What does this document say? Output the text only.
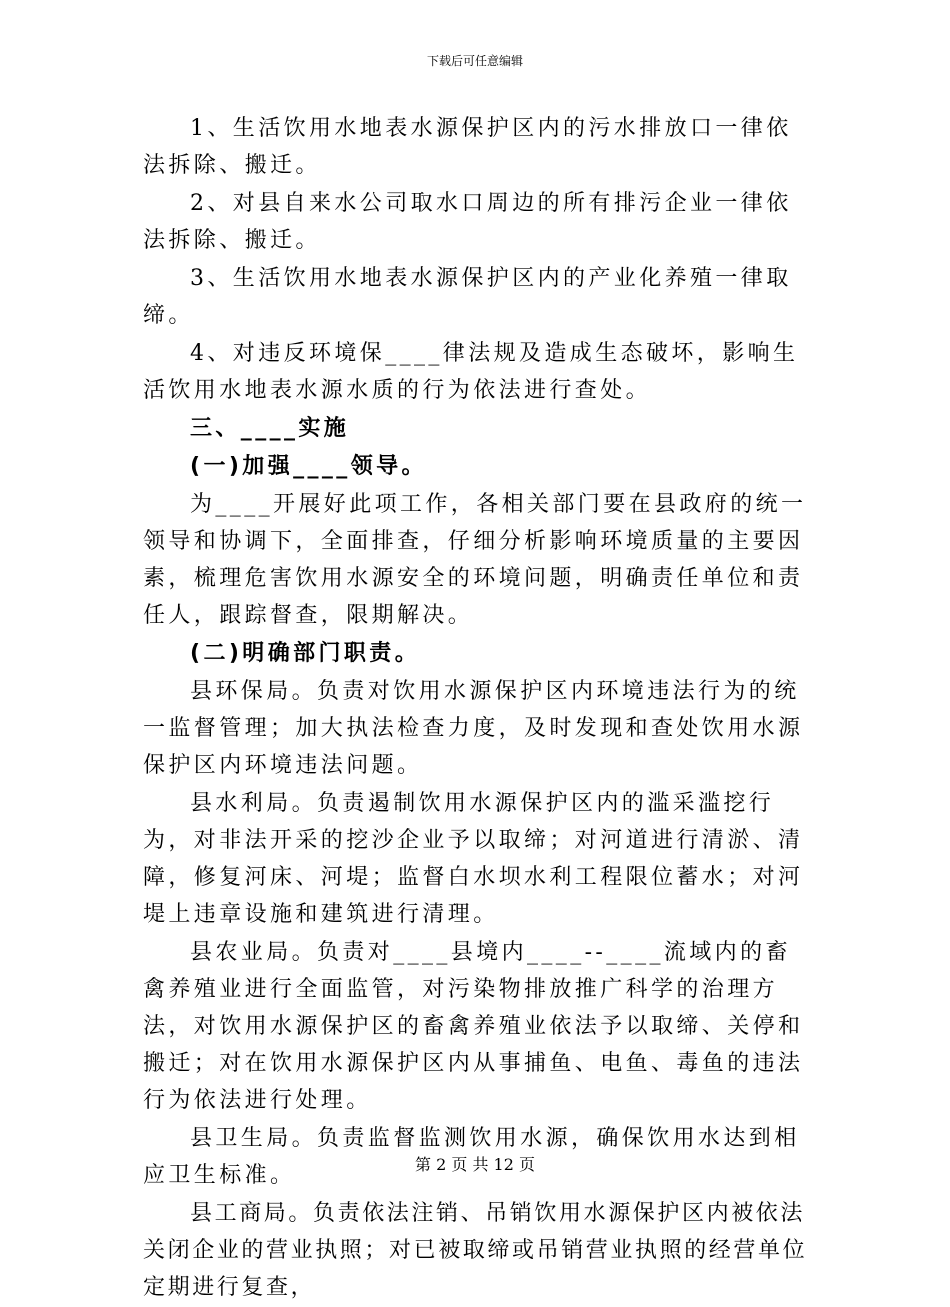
下载后可任意编辑

1、生活饮用水地表水源保护区内的污水排放口一律依法拆除、搬迁。

2、对县自来水公司取水口周边的所有排污企业一律依法拆除、搬迁。

3、生活饮用水地表水源保护区内的产业化养殖一律取缔。

4、对违反环境保____律法规及造成生态破坏，影响生活饮用水地表水源水质的行为依法进行查处。

三、____实施

(一)加强____领导。

为____开展好此项工作，各相关部门要在县政府的统一领导和协调下，全面排查，仔细分析影响环境质量的主要因素，梳理危害饮用水源安全的环境问题，明确责任单位和责任人，跟踪督查，限期解决。

(二)明确部门职责。

县环保局。负责对饮用水源保护区内环境违法行为的统一监督管理；加大执法检查力度，及时发现和查处饮用水源保护区内环境违法问题。

县水利局。负责遏制饮用水源保护区内的滥采滥挖行为，对非法开采的挖沙企业予以取缔；对河道进行清淤、清障，修复河床、河堤；监督白水坝水利工程限位蓄水；对河堤上违章设施和建筑进行清理。

县农业局。负责对____县境内____--____流域内的畜禽养殖业进行全面监管，对污染物排放推广科学的治理方法，对饮用水源保护区的畜禽养殖业依法予以取缔、关停和搬迁；对在饮用水源保护区内从事捕鱼、电鱼、毒鱼的违法行为依法进行处理。

县卫生局。负责监督监测饮用水源，确保饮用水达到相应卫生标准。

县工商局。负责依法注销、吊销饮用水源保护区内被依法关闭企业的营业执照；对已被取缔或吊销营业执照的经营单位定期进行复查，

第 2 页 共 12 页
